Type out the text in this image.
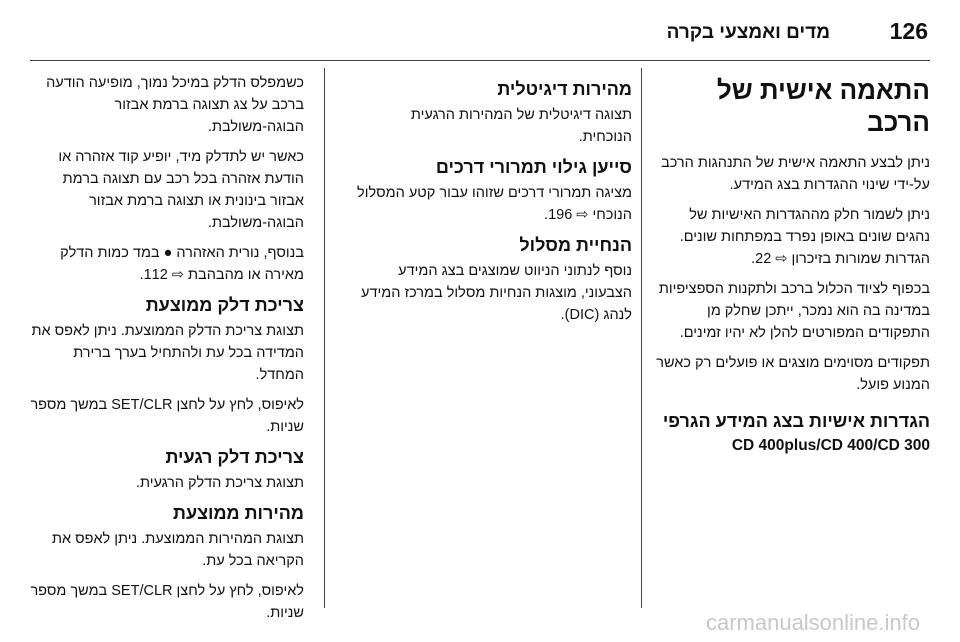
מדים ואמצעי בקרה	126
התאמה אישית של הרכב

ניתן לבצע התאמה אישית של התנהגות הרכב על-ידי שינוי ההגדרות בצג המידע.

ניתן לשמור חלק מההגדרות האישיות של נהגים שונים באופן נפרד במפתחות שונים. הגדרות שמורות בזיכרון ⇨ 22.

בכפוף לציוד הכלול ברכב ולתקנות הספציפיות במדינה בה הוא נמכר, ייתכן שחלק מן התפקודים המפורטים להלן לא יהיו זמינים.

תפקודים מסוימים מוצגים או פועלים רק כאשר המנוע פועל.

הגדרות אישיות בצג המידע הגרפי
CD 400plus/CD 400/CD 300
מהירות דיגיטלית

תצוגה דיגיטלית של המהירות הרגעית הנוכחית.

סייען גילוי תמרורי דרכים

מציגה תמרורי דרכים שזוהו עבור קטע המסלול הנוכחי ⇨ 196.

הנחיית מסלול

נוסף לנתוני הניווט שמוצגים בצג המידע הצבעוני, מוצגות הנחיות מסלול במרכז המידע לנהג (DIC).

כשמפלס הדלק במיכל נמוך, מופיעה הודעה ברכב על צג תצוגה ברמת אבזור הבוגה-משולבת.

כאשר יש לתדלק מיד, יופיע קוד אזהרה או הודעת אזהרה בכל רכב עם תצוגה ברמת אבזור בינונית או תצוגה ברמת אבזור הבוגה-משולבת.

בנוסף, נורית האזהרה ● במד כמות הדלק מאירה או מהבהבת ⇨ 112.

צריכת דלק ממוצעת

תצוגת צריכת הדלק הממוצעת. ניתן לאפס את המדידה בכל עת ולהתחיל בערך ברירת המחדל.

לאיפוס, לחץ על לחצן SET/CLR במשך מספר שניות.

צריכת דלק רגעית

תצוגת צריכת הדלק הרגעית.

מהירות ממוצעת

תצוגת המהירות הממוצעת. ניתן לאפס את הקריאה בכל עת.

לאיפוס, לחץ על לחצן SET/CLR במשך מספר שניות.	carmanualsonline.info
